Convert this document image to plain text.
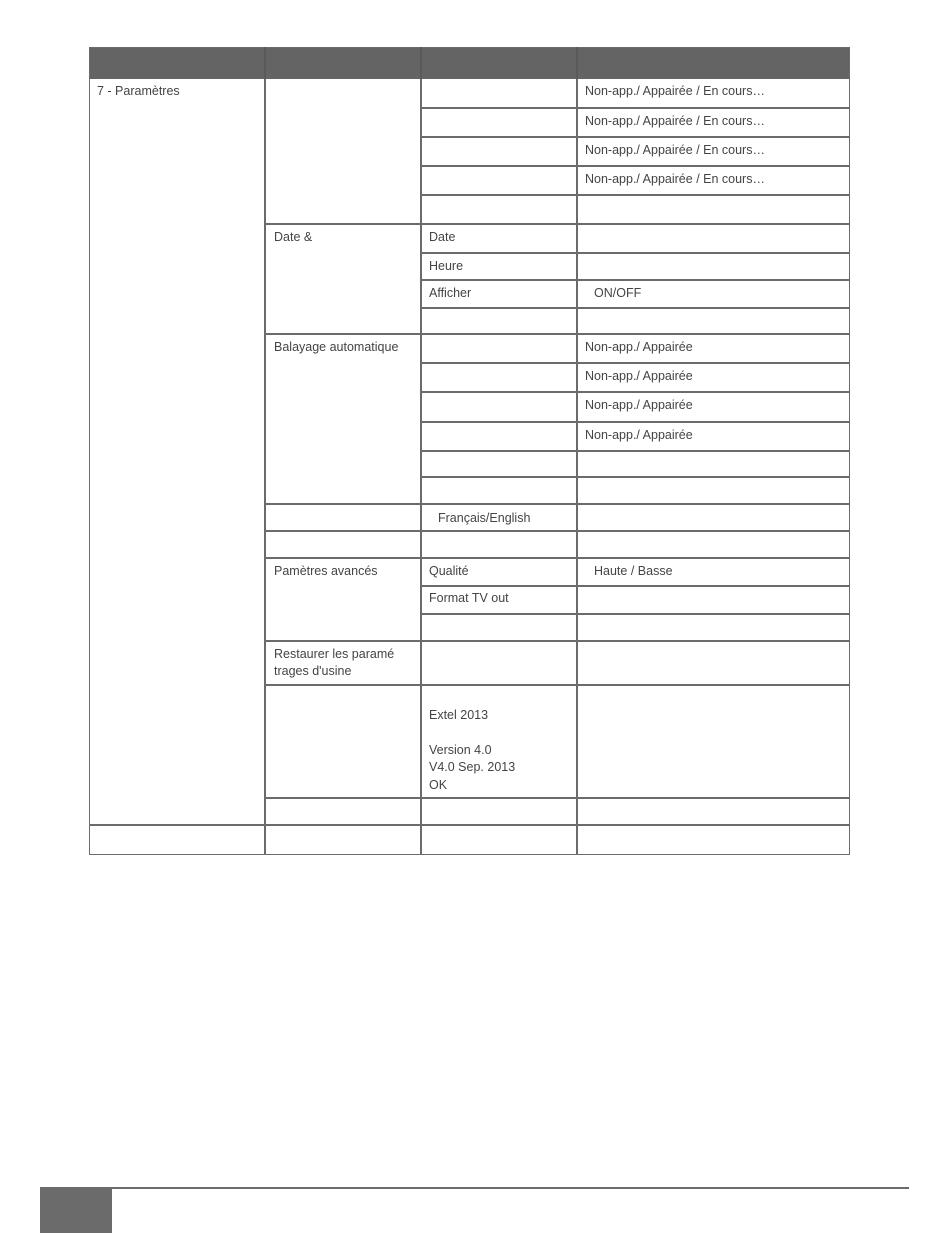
7 - Paramètres
Date &
Balayage automatique
Pamètres avancés
Restaurer les paramé
trages d'usine
Date
Heure
Afficher
Français/English
Qualité
Format TV out
Extel 2013
Version 4.0
V4.0 Sep. 2013
OK
Non-app./ Appairée / En cours…
Non-app./ Appairée / En cours…
Non-app./ Appairée / En cours…
Non-app./ Appairée / En cours…
ON/OFF
Non-app./ Appairée
Non-app./ Appairée
Non-app./ Appairée
Non-app./ Appairée
Haute / Basse
